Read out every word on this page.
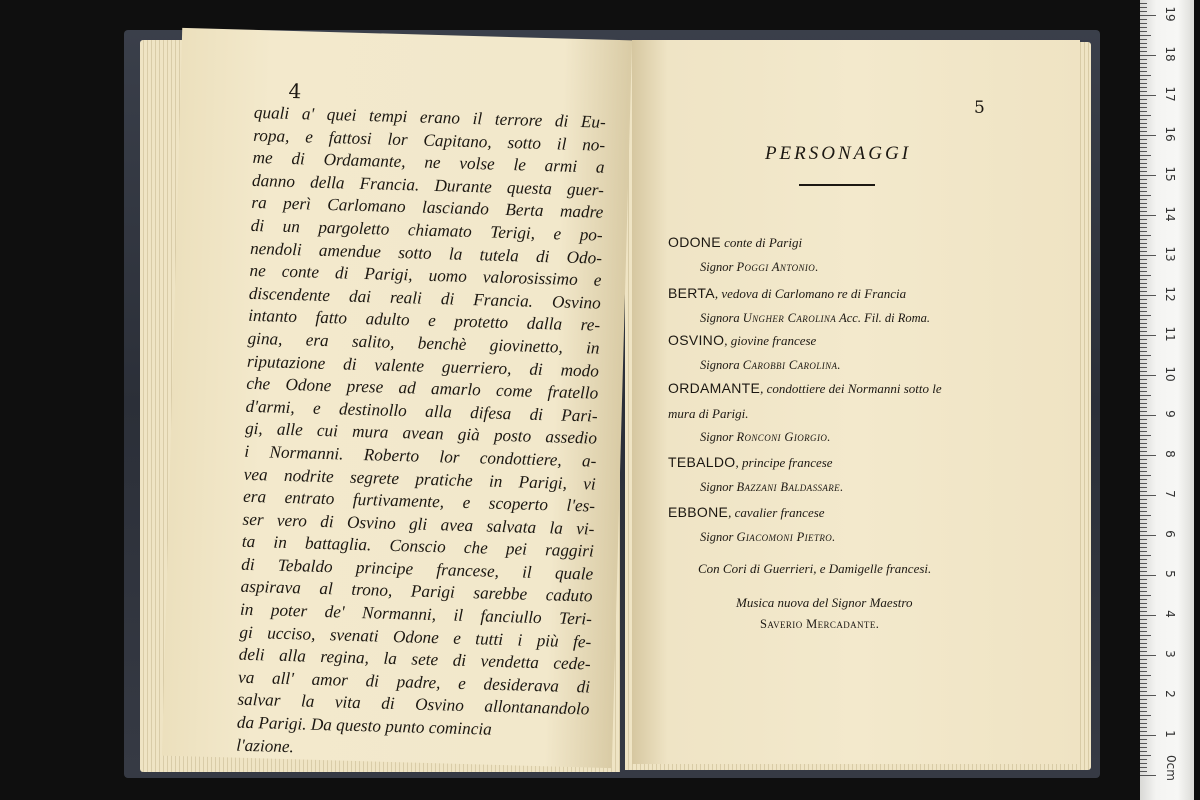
4
quali a' quei tempi erano il terrore di Eu-
ropa, e fattosi lor Capitano, sotto il no-
me di Ordamante, ne volse le armi a
danno della Francia. Durante questa guer-
ra perì Carlomano lasciando Berta madre
di un pargoletto chiamato Terigi, e po-
nendoli amendue sotto la tutela di Odo-
ne conte di Parigi, uomo valorosissimo e
discendente dai reali di Francia. Osvino
intanto fatto adulto e protetto dalla re-
gina, era salito, benchè giovinetto, in
riputazione di valente guerriero, di modo
che Odone prese ad amarlo come fratello
d'armi, e destinollo alla difesa di Pari-
gi, alle cui mura avean già posto assedio
i Normanni. Roberto lor condottiere, a-
vea nodrite segrete pratiche in Parigi, vi
era entrato furtivamente, e scoperto l'es-
ser vero di Osvino gli avea salvata la vi-
ta in battaglia. Conscio che pei raggiri
di Tebaldo principe francese, il quale
aspirava al trono, Parigi sarebbe caduto
in poter de' Normanni, il fanciullo Teri-
gi ucciso, svenati Odone e tutti i più fe-
deli alla regina, la sete di vendetta cede-
va all' amor di padre, e desiderava di
salvar la vita di Osvino allontanandolo
da Parigi. Da questo punto comincia
l'azione.
5
PERSONAGGI
ODONE conte di Parigi
Signor Poggi Antonio.
BERTA, vedova di Carlomano re di Francia
Signora Ungher Carolina Acc. Fil. di Roma.
OSVINO, giovine francese
Signora Carobbi Carolina.
ORDAMANTE, condottiere dei Normanni sotto le
mura di Parigi.
Signor Ronconi Giorgio.
TEBALDO, principe francese
Signor Bazzani Baldassare.
EBBONE, cavalier francese
Signor Giacomoni Pietro.
Con Cori di Guerrieri, e Damigelle francesi.
Musica nuova del Signor Maestro
Saverio Mercadante.
0cm
1
2
3
4
5
6
7
8
9
10
11
12
13
14
15
16
17
18
19
